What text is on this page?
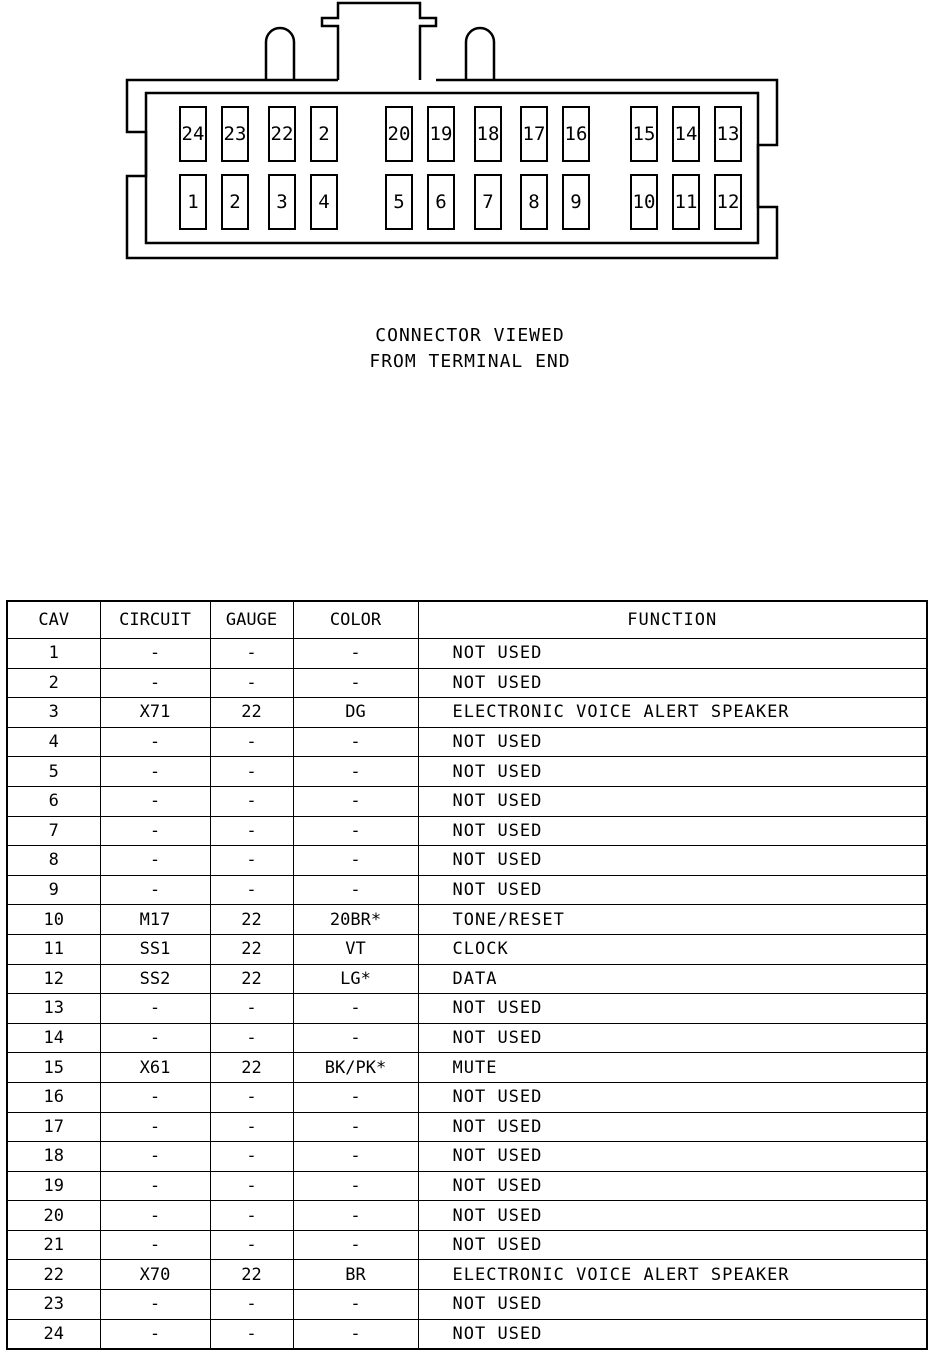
24 23 22 2	20 19 18 17 16 15 14 13
1 2 3 4	5 6 7 8 9	10 11 12
CONNECTOR VIEWED
FROM TERMINAL END
CAV	CIRCUIT	GAUGE	COLOR	FUNCTION
1	-	-	-	NOT USED
2	-	-	-	NOT USED
3	X71	22	DG	ELECTRONIC VOICE ALERT SPEAKER
4	-	-	-	NOT USED
5	-	-	-	NOT USED
6	-	-	-	NOT USED
7	-	-	-	NOT USED
8	-	-	-	NOT USED
9	-	-	-	NOT USED
10	M17	22	20BR*	TONE/RESET
11	SS1	22	VT	CLOCK
12	SS2	22	LG*	DATA
13	-	-	-	NOT USED
14	-	-	-	NOT USED
15	X61	22	BK/PK*	MUTE
16	-	-	-	NOT USED
17	-	-	-	NOT USED
18	-	-	-	NOT USED
19	-	-	-	NOT USED
20	-	-	-	NOT USED
21	-	-	-	NOT USED
22	X70	22	BR	ELECTRONIC VOICE ALERT SPEAKER
23	-	-	-	NOT USED
24	-	-	-	NOT USED
